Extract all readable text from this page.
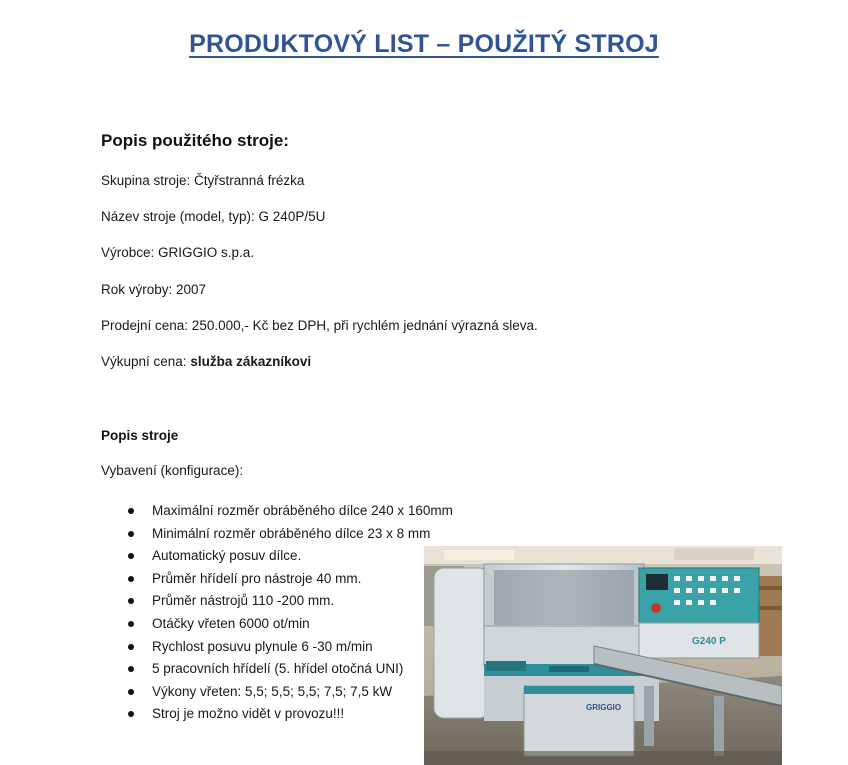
PRODUKTOVÝ LIST – POUŽITÝ STROJ
Popis použitého stroje:
Skupina stroje: Čtyřstranná frézka
Název stroje (model, typ): G 240P/5U
Výrobce: GRIGGIO s.p.a.
Rok výroby: 2007
Prodejní cena: 250.000,- Kč bez DPH, při rychlém jednání výrazná sleva.
Výkupní cena: služba zákazníkovi
Popis stroje
Vybavení (konfigurace):
Maximální rozměr obráběného dílce 240 x 160mm
Minimální rozměr obráběného dílce 23 x 8 mm
Automatický posuv dílce.
Průměr hřídelí pro nástroje 40 mm.
Průměr nástrojů 110 -200 mm.
Otáčky vřeten 6000 ot/min
Rychlost posuvu plynule 6 -30 m/min
5 pracovních hřídelí (5. hřídel otočná UNI)
Výkony vřeten: 5,5; 5,5; 5,5; 7,5; 7,5 kW
Stroj je možno vidět v provozu!!!
G240 P
GRIGGIO
